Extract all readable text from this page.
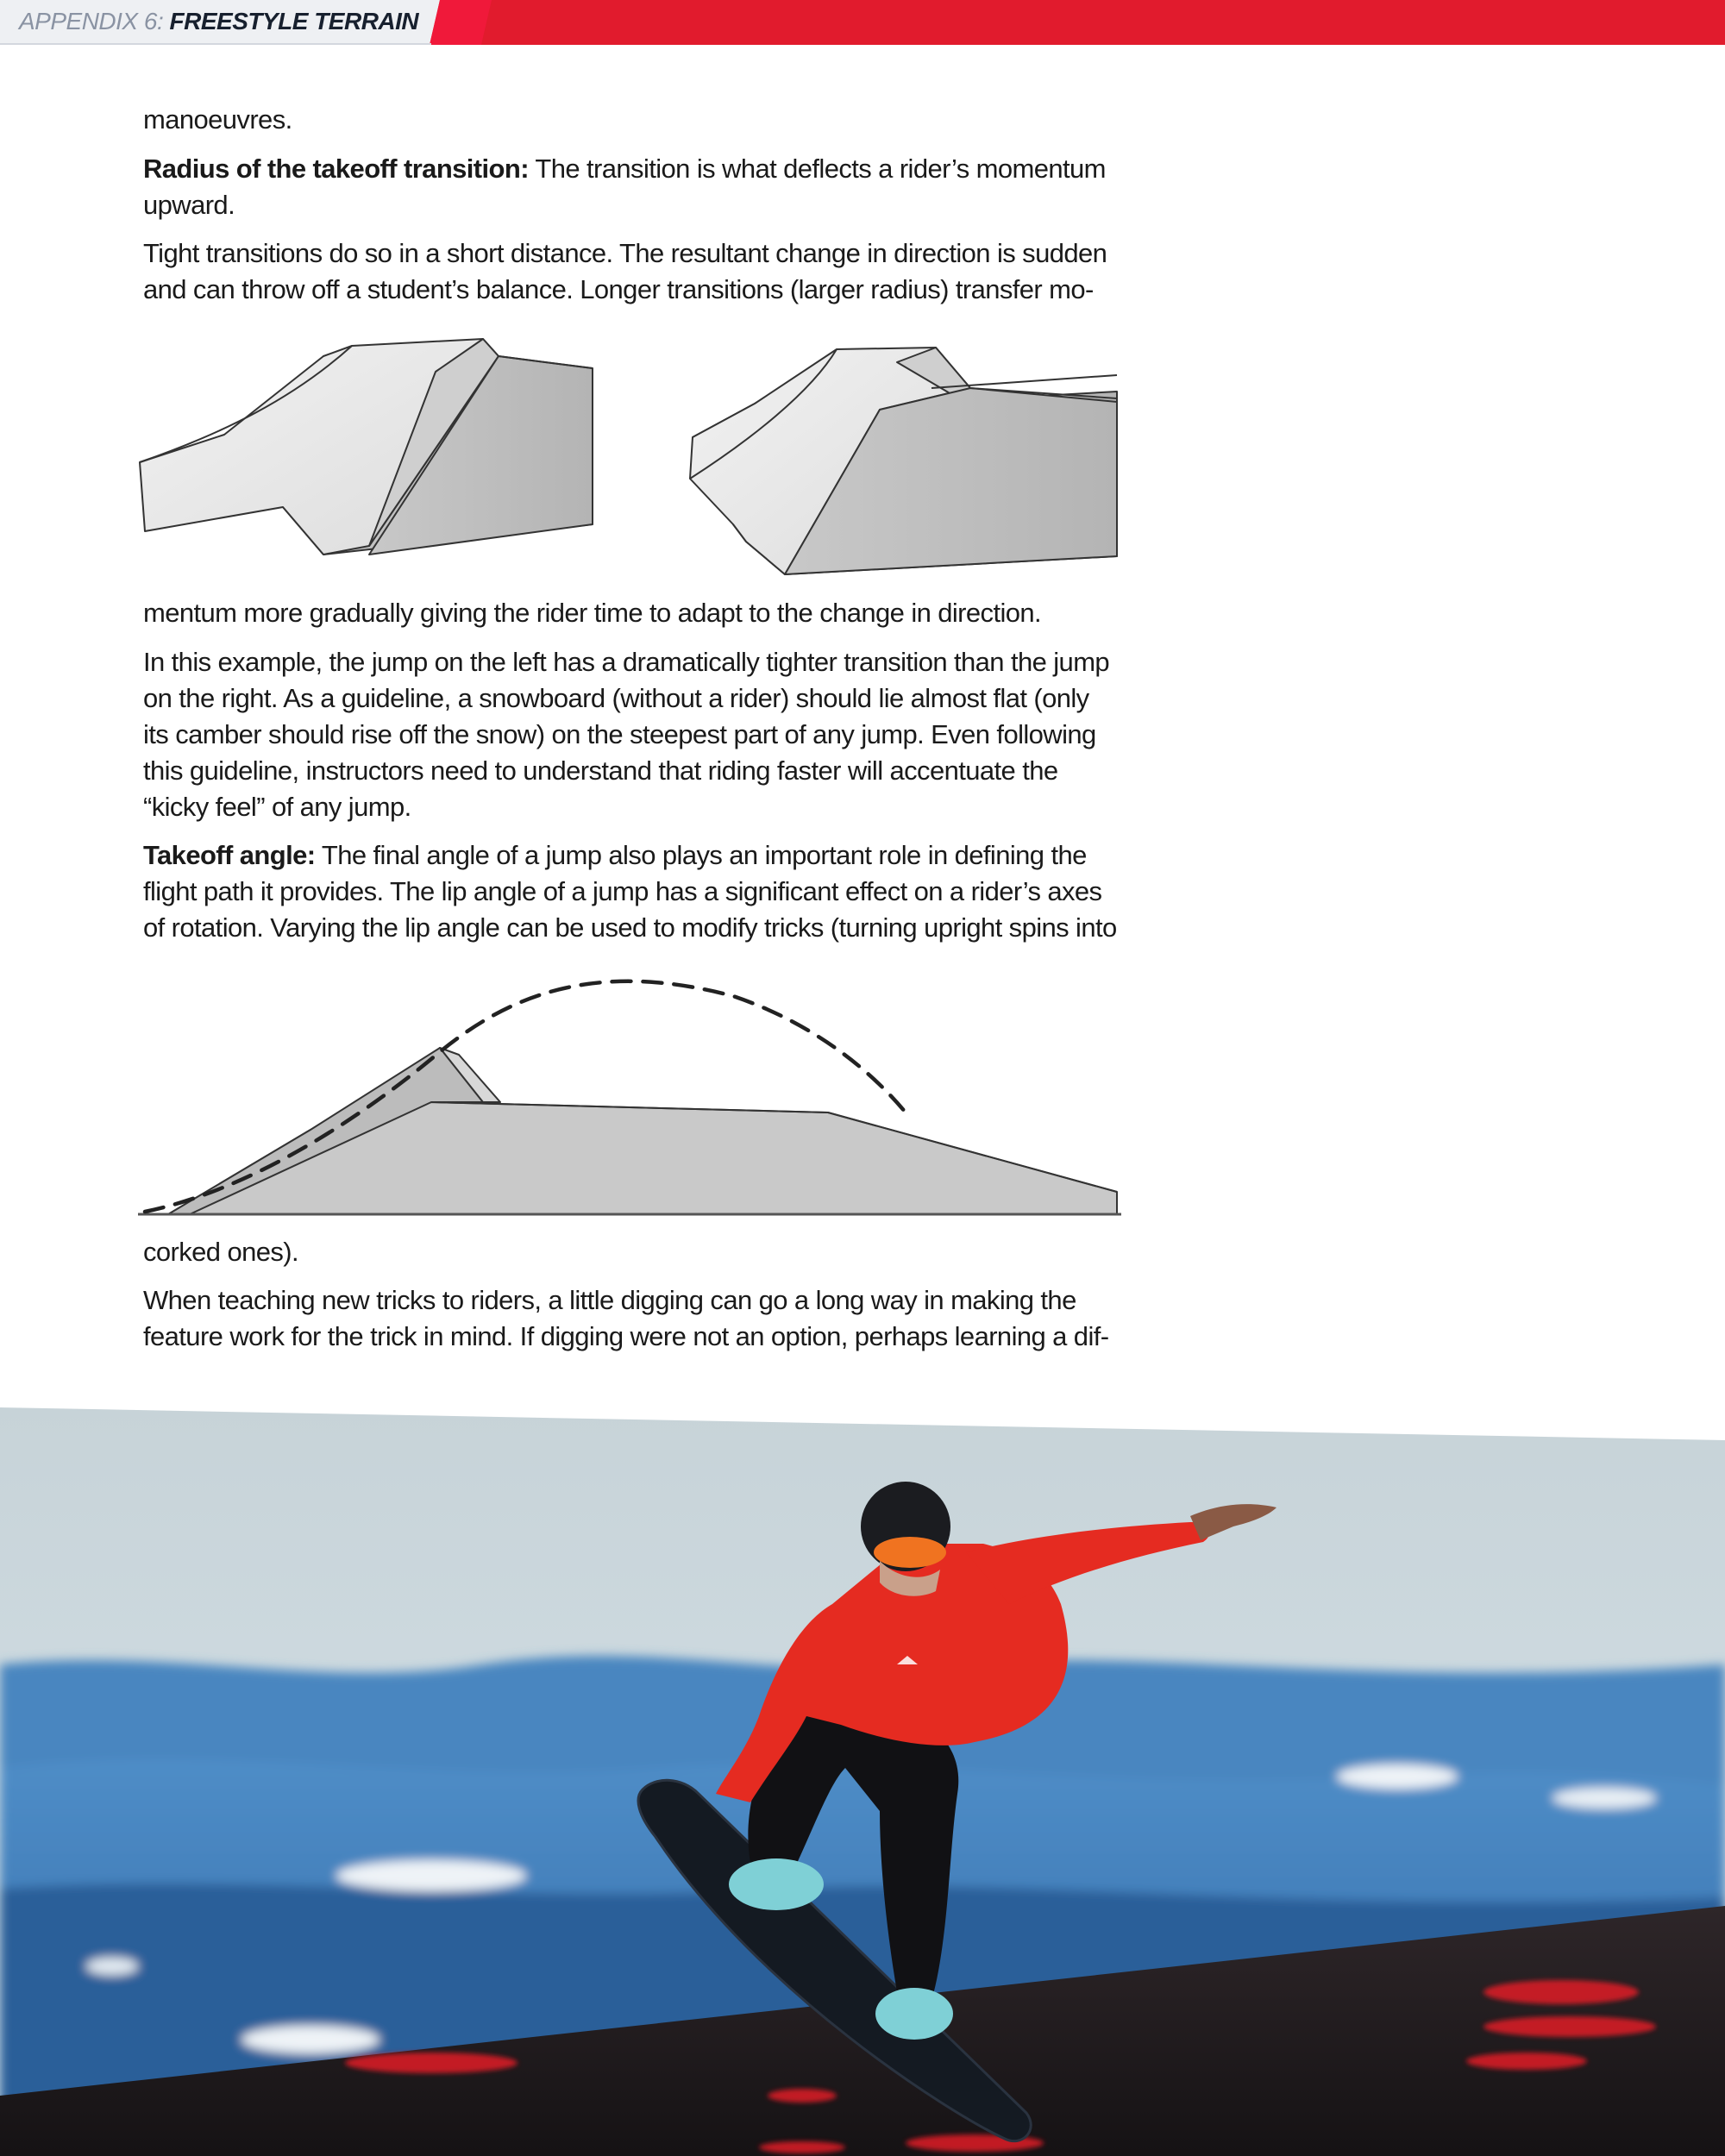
APPENDIX 6: FREESTYLE TERRAIN

manoeuvres.

Radius of the takeoff transition: The transition is what deflects a rider’s momentum upward.

Tight transitions do so in a short distance. The resultant change in direction is sudden and can throw off a student’s balance. Longer transitions (larger radius) transfer mo-

mentum more gradually giving the rider time to adapt to the change in direction.

In this example, the jump on the left has a dramatically tighter transition than the jump on the right. As a guideline, a snowboard (without a rider) should lie almost flat (only its camber should rise off the snow) on the steepest part of any jump. Even following this guideline, instructors need to understand that riding faster will accentuate the “kicky feel” of any jump.

Takeoff angle: The final angle of a jump also plays an important role in defining the flight path it provides. The lip angle of a jump has a significant effect on a rider’s axes of rotation. Varying the lip angle can be used to modify tricks (turning upright spins into

corked ones).

When teaching new tricks to riders, a little digging can go a long way in making the feature work for the trick in mind. If digging were not an option, perhaps learning a dif-
